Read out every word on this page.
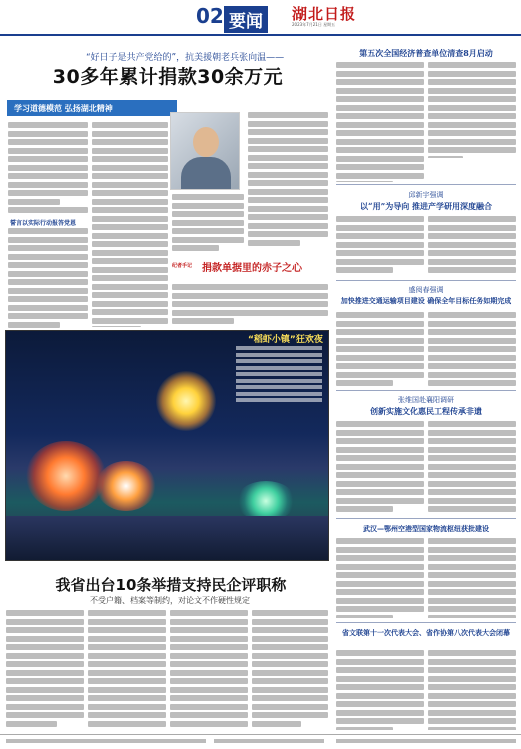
02 要闻	湖北日报
2023年7月21日 星期五
“好日子是共产党给的”，抗美援朝老兵张向温——
30多年累计捐款30余万元
学习道德模范 弘扬湖北精神
誓言以实际行动报答党恩
纪者手记 捐款单据里的赤子之心
“稻虾小镇”狂欢夜
我省出台10条举措支持民企评职称
不受户籍、档案等制约，对论文不作硬性规定
第五次全国经济普查单位清查8月启动
邱新宇强调
以“用”为导向 推进产学研用深度融合
盛阅春强调
加快推进交通运输项目建设 确保全年目标任务如期完成
张维国赴襄阳调研
创新实施文化惠民工程传承非遗
武汉—鄂州空港型国家物流枢纽获批建设
省文联第十一次代表大会、省作协第八次代表大会闭幕
